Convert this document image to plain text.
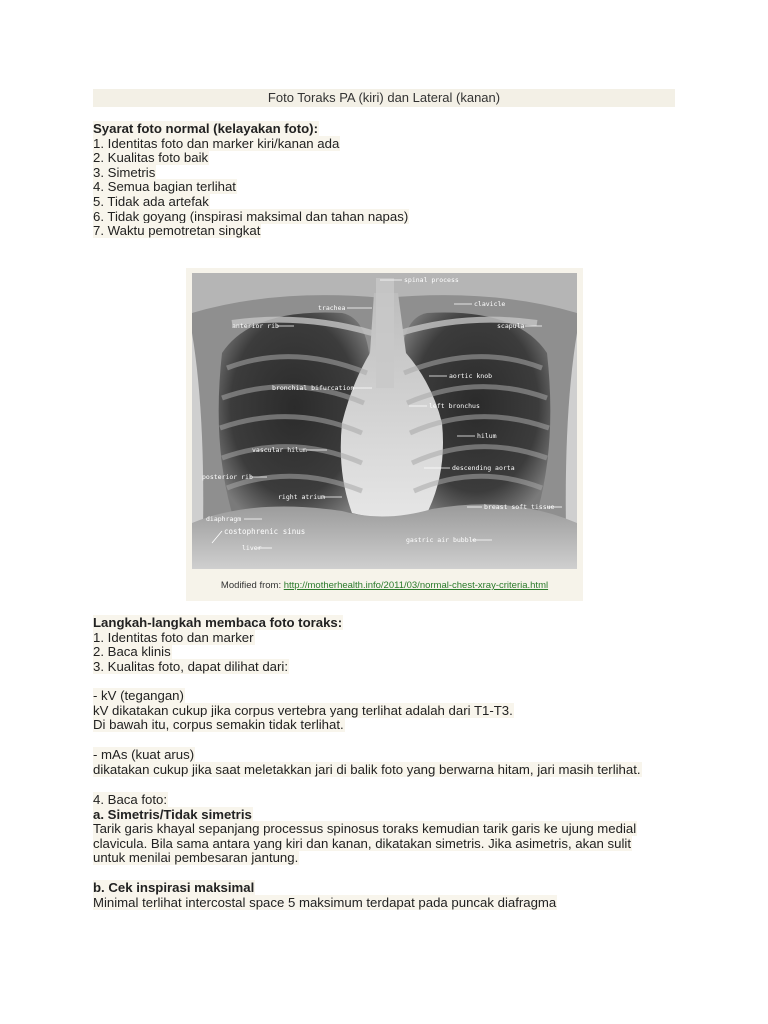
Foto Toraks PA (kiri) dan Lateral (kanan)
Syarat foto normal (kelayakan foto):
1. Identitas foto dan marker kiri/kanan ada
2. Kualitas foto baik
3. Simetris
4. Semua bagian terlihat
5. Tidak ada artefak
6. Tidak goyang (inspirasi maksimal dan tahan napas)
7. Waktu pemotretan singkat
spinal process
trachea	clavicle
anterior rib	scapula
bronchial bifurcation
aortic knob
left bronchus
hilum
vascular hilum
descending aorta
posterior rib
right atrium
breast soft tissue
diaphragm
costophrenic sinus
liver
gastric air bubble
Modified from: http://motherhealth.info/2011/03/normal-chest-xray-criteria.html
Langkah-langkah membaca foto toraks:
1. Identitas foto dan marker
2. Baca klinis
3. Kualitas foto, dapat dilihat dari:
- kV (tegangan)
kV dikatakan cukup jika corpus vertebra yang terlihat adalah dari T1-T3.
Di bawah itu, corpus semakin tidak terlihat.
- mAs (kuat arus)
dikatakan cukup jika saat meletakkan jari di balik foto yang berwarna hitam, jari masih terlihat.
4. Baca foto:
a. Simetris/Tidak simetris
Tarik garis khayal sepanjang processus spinosus toraks kemudian tarik garis ke ujung medial
clavicula. Bila sama antara yang kiri dan kanan, dikatakan simetris. Jika asimetris, akan sulit
untuk menilai pembesaran jantung.
b. Cek inspirasi maksimal
Minimal terlihat intercostal space 5 maksimum terdapat pada puncak diafragma
